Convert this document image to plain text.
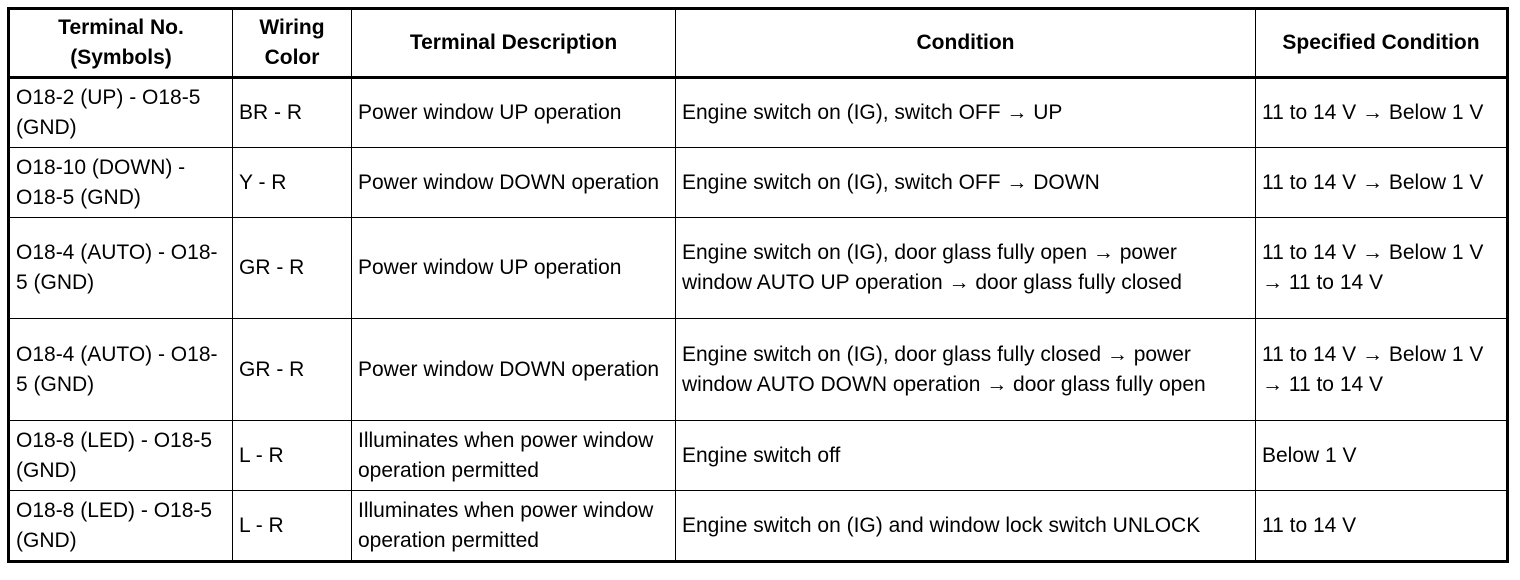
Terminal No. (Symbols)	Wiring Color	Terminal Description	Condition	Specified Condition
O18-2 (UP) - O18-5 (GND)	BR - R	Power window UP operation	Engine switch on (IG), switch OFF → UP	11 to 14 V → Below 1 V
O18-10 (DOWN) - O18-5 (GND)	Y - R	Power window DOWN operation	Engine switch on (IG), switch OFF → DOWN	11 to 14 V → Below 1 V
O18-4 (AUTO) - O18-5 (GND)	GR - R	Power window UP operation	Engine switch on (IG), door glass fully open → power window AUTO UP operation → door glass fully closed	11 to 14 V → Below 1 V → 11 to 14 V
O18-4 (AUTO) - O18-5 (GND)	GR - R	Power window DOWN operation	Engine switch on (IG), door glass fully closed → power window AUTO DOWN operation → door glass fully open	11 to 14 V → Below 1 V → 11 to 14 V
O18-8 (LED) - O18-5 (GND)	L - R	Illuminates when power window operation permitted	Engine switch off	Below 1 V
O18-8 (LED) - O18-5 (GND)	L - R	Illuminates when power window operation permitted	Engine switch on (IG) and window lock switch UNLOCK	11 to 14 V
